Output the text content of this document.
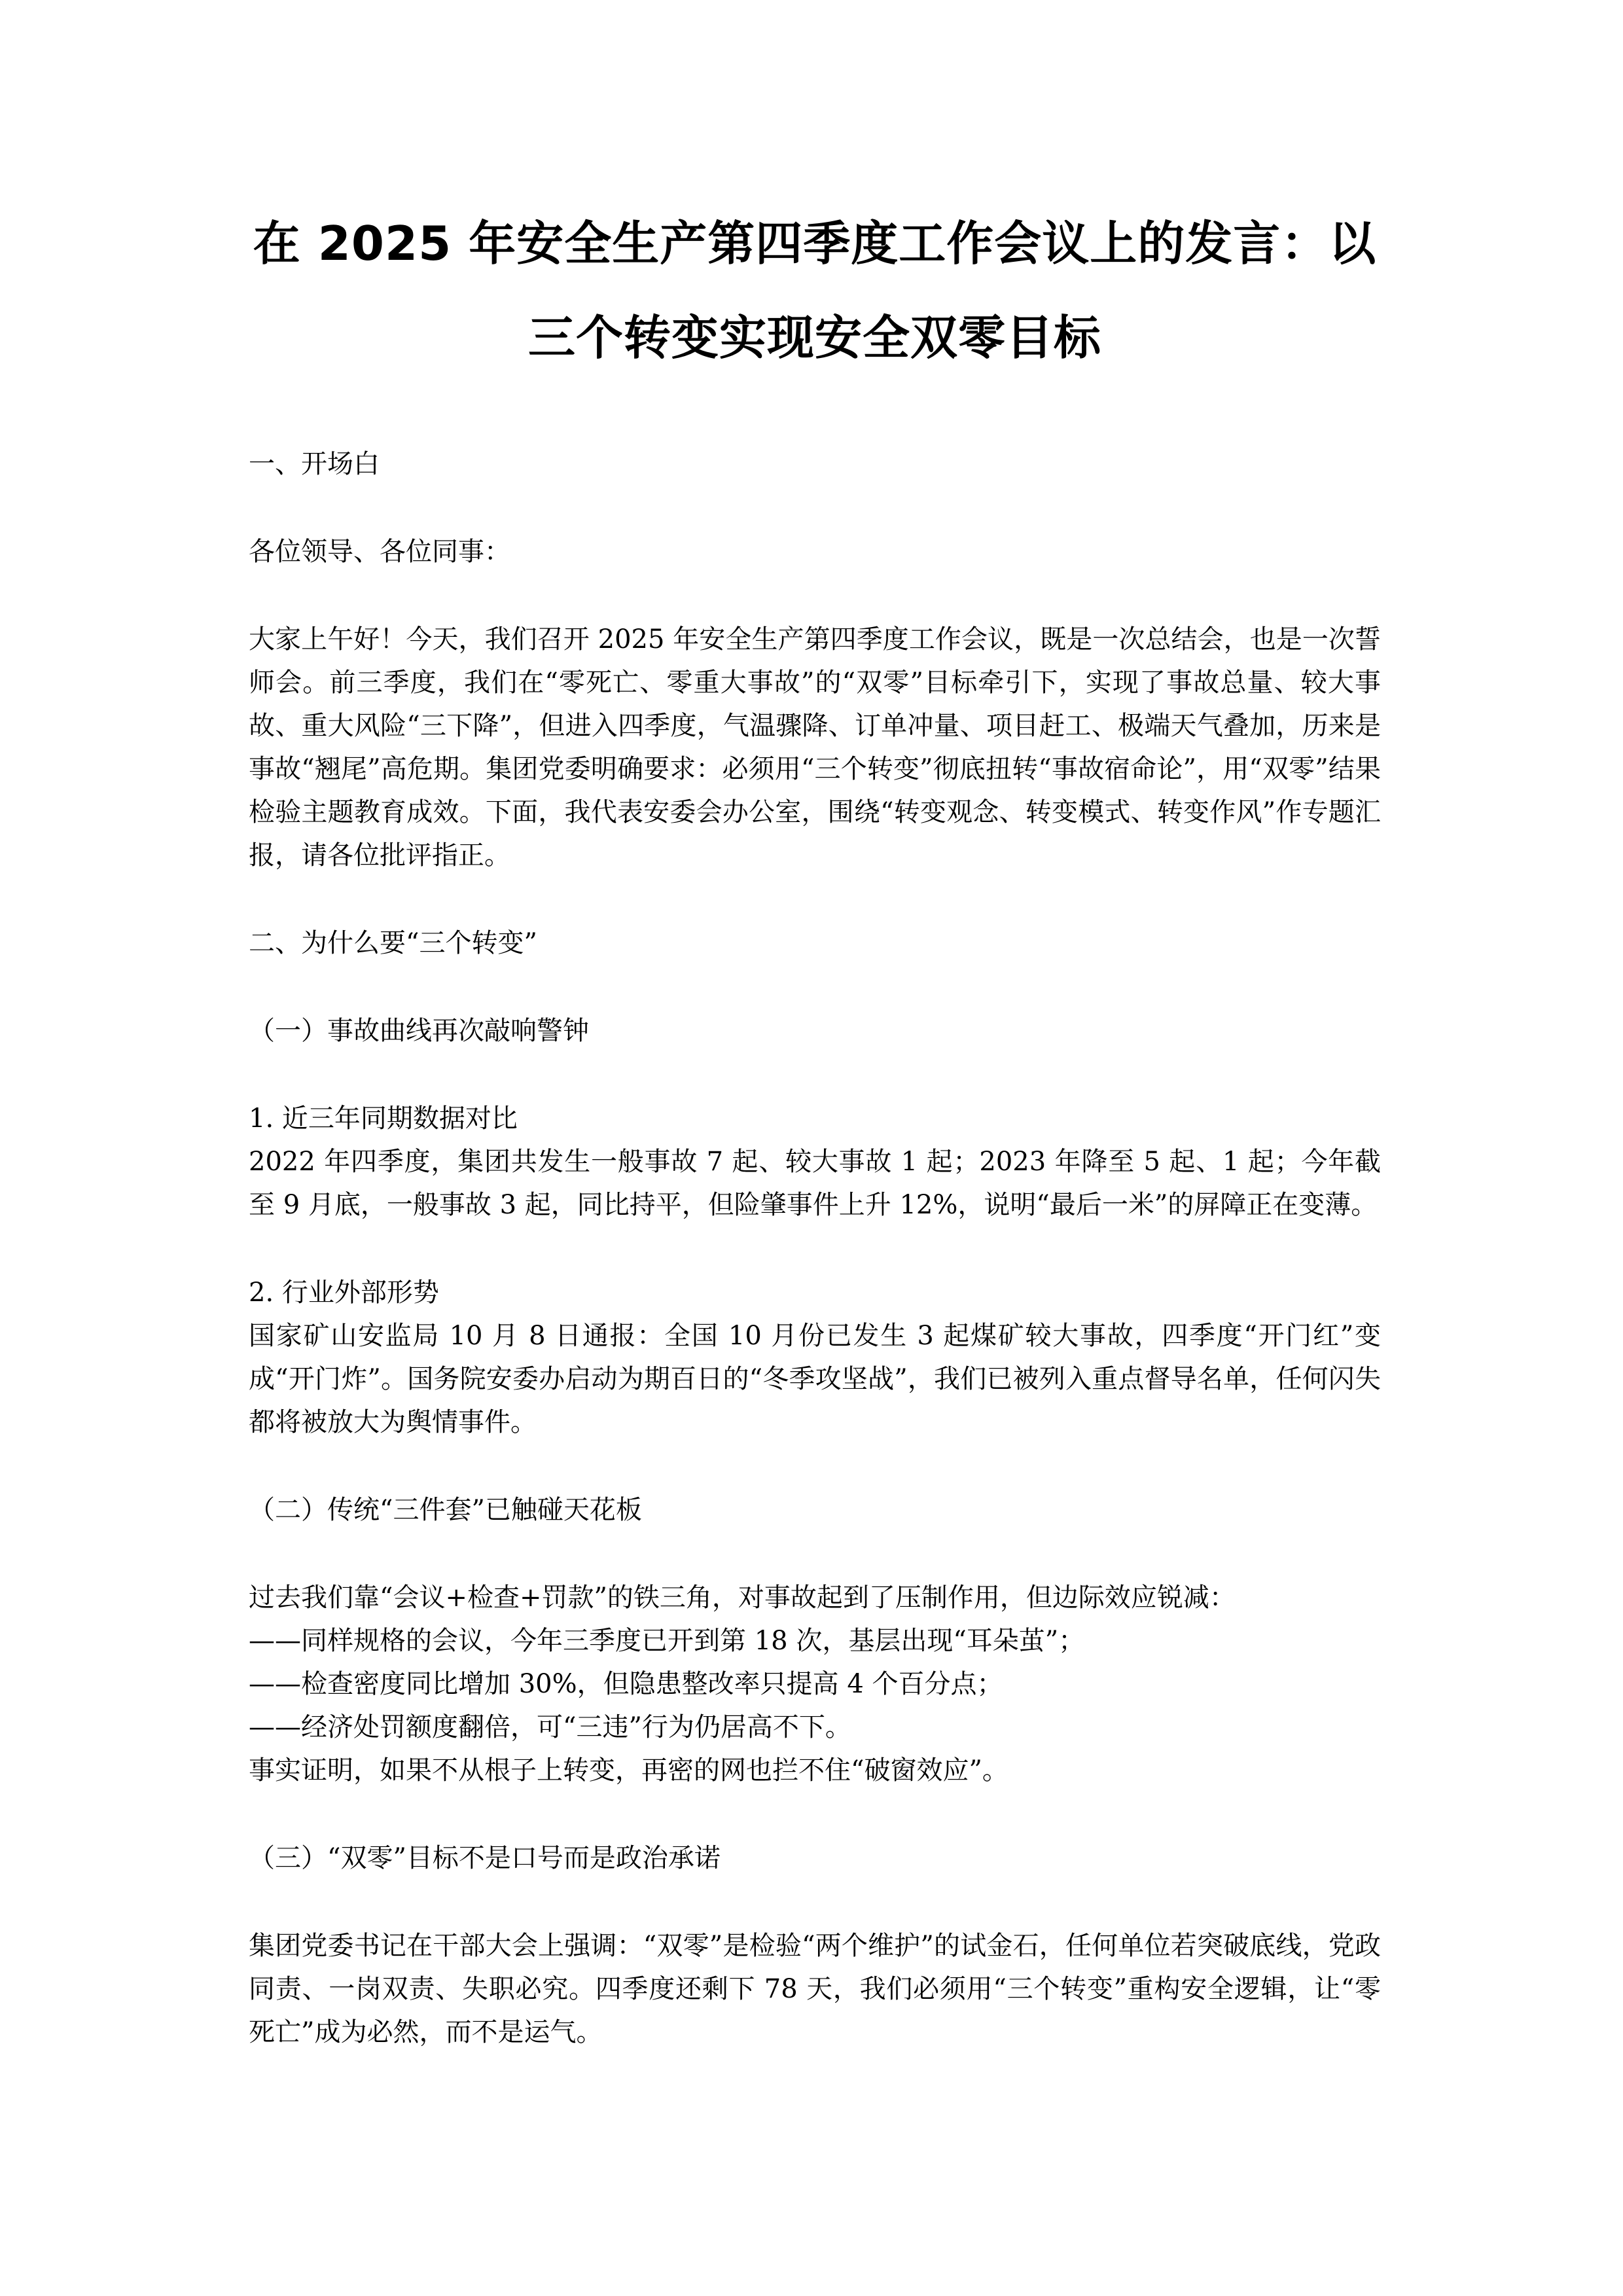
在 2025 年安全生产第四季度工作会议上的发言：以
三个转变实现安全双零目标

一、开场白

各位领导、各位同事：

大家上午好！今天，我们召开 2025 年安全生产第四季度工作会议，既是一次总结会，也是一次誓师会。前三季度，我们在“零死亡、零重大事故”的“双零”目标牵引下，实现了事故总量、较大事故、重大风险“三下降”，但进入四季度，气温骤降、订单冲量、项目赶工、极端天气叠加，历来是事故“翘尾”高危期。集团党委明确要求：必须用“三个转变”彻底扭转“事故宿命论”，用“双零”结果检验主题教育成效。下面，我代表安委会办公室，围绕“转变观念、转变模式、转变作风”作专题汇报，请各位批评指正。

二、为什么要“三个转变”

（一）事故曲线再次敲响警钟

1. 近三年同期数据对比

2022 年四季度，集团共发生一般事故 7 起、较大事故 1 起；2023 年降至 5 起、1 起；今年截至 9 月底，一般事故 3 起，同比持平，但险肇事件上升 12%，说明“最后一米”的屏障正在变薄。

2. 行业外部形势

国家矿山安监局 10 月 8 日通报：全国 10 月份已发生 3 起煤矿较大事故，四季度“开门红”变成“开门炸”。国务院安委办启动为期百日的“冬季攻坚战”，我们已被列入重点督导名单，任何闪失都将被放大为舆情事件。

（二）传统“三件套”已触碰天花板

过去我们靠“会议+检查+罚款”的铁三角，对事故起到了压制作用，但边际效应锐减：

——同样规格的会议，今年三季度已开到第 18 次，基层出现“耳朵茧”；

——检查密度同比增加 30%，但隐患整改率只提高 4 个百分点；

——经济处罚额度翻倍，可“三违”行为仍居高不下。

事实证明，如果不从根子上转变，再密的网也拦不住“破窗效应”。

（三）“双零”目标不是口号而是政治承诺

集团党委书记在干部大会上强调：“双零”是检验“两个维护”的试金石，任何单位若突破底线，党政同责、一岗双责、失职必究。四季度还剩下 78 天，我们必须用“三个转变”重构安全逻辑，让“零死亡”成为必然，而不是运气。
